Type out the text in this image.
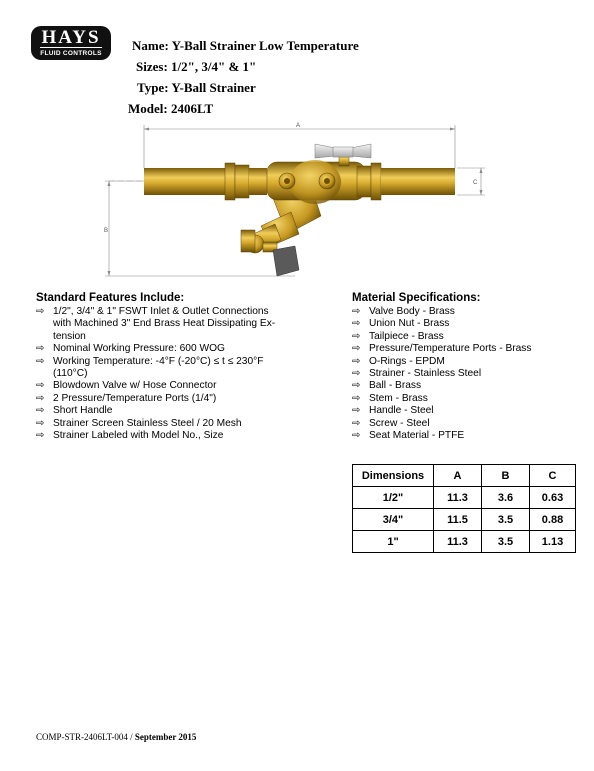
HAYS
FLUID CONTROLS Name: Y-Ball Strainer Low Temperature
Sizes: 1/2", 3/4" & 1"
Type: Y-Ball Strainer
Model: 2406LT
A
B
C
Standard Features Include:
⇨ 1/2", 3/4" & 1" FSWT Inlet & Outlet Connections
with Machined 3" End Brass Heat Dissipating Ex-
tension
⇨ Nominal Working Pressure: 600 WOG
⇨ Working Temperature: -4°F (-20°C) ≤ t ≤ 230°F
(110°C)
⇨ Blowdown Valve w/ Hose Connector
⇨ 2 Pressure/Temperature Ports (1/4")
⇨ Short Handle
⇨ Strainer Screen Stainless Steel / 20 Mesh
⇨ Strainer Labeled with Model No., Size
Material Specifications:
⇨ Valve Body - Brass
⇨ Union Nut - Brass
⇨ Tailpiece - Brass
⇨ Pressure/Temperature Ports - Brass
⇨ O-Rings - EPDM
⇨ Strainer - Stainless Steel
⇨ Ball - Brass
⇨ Stem - Brass
⇨ Handle - Steel
⇨ Screw - Steel
⇨ Seat Material - PTFE
Dimensions	A	B	C
1/2"	11.3	3.6	0.63
3/4"	11.5	3.5	0.88
1"	11.3	3.5	1.13
COMP-STR-2406LT-004 / September 2015
